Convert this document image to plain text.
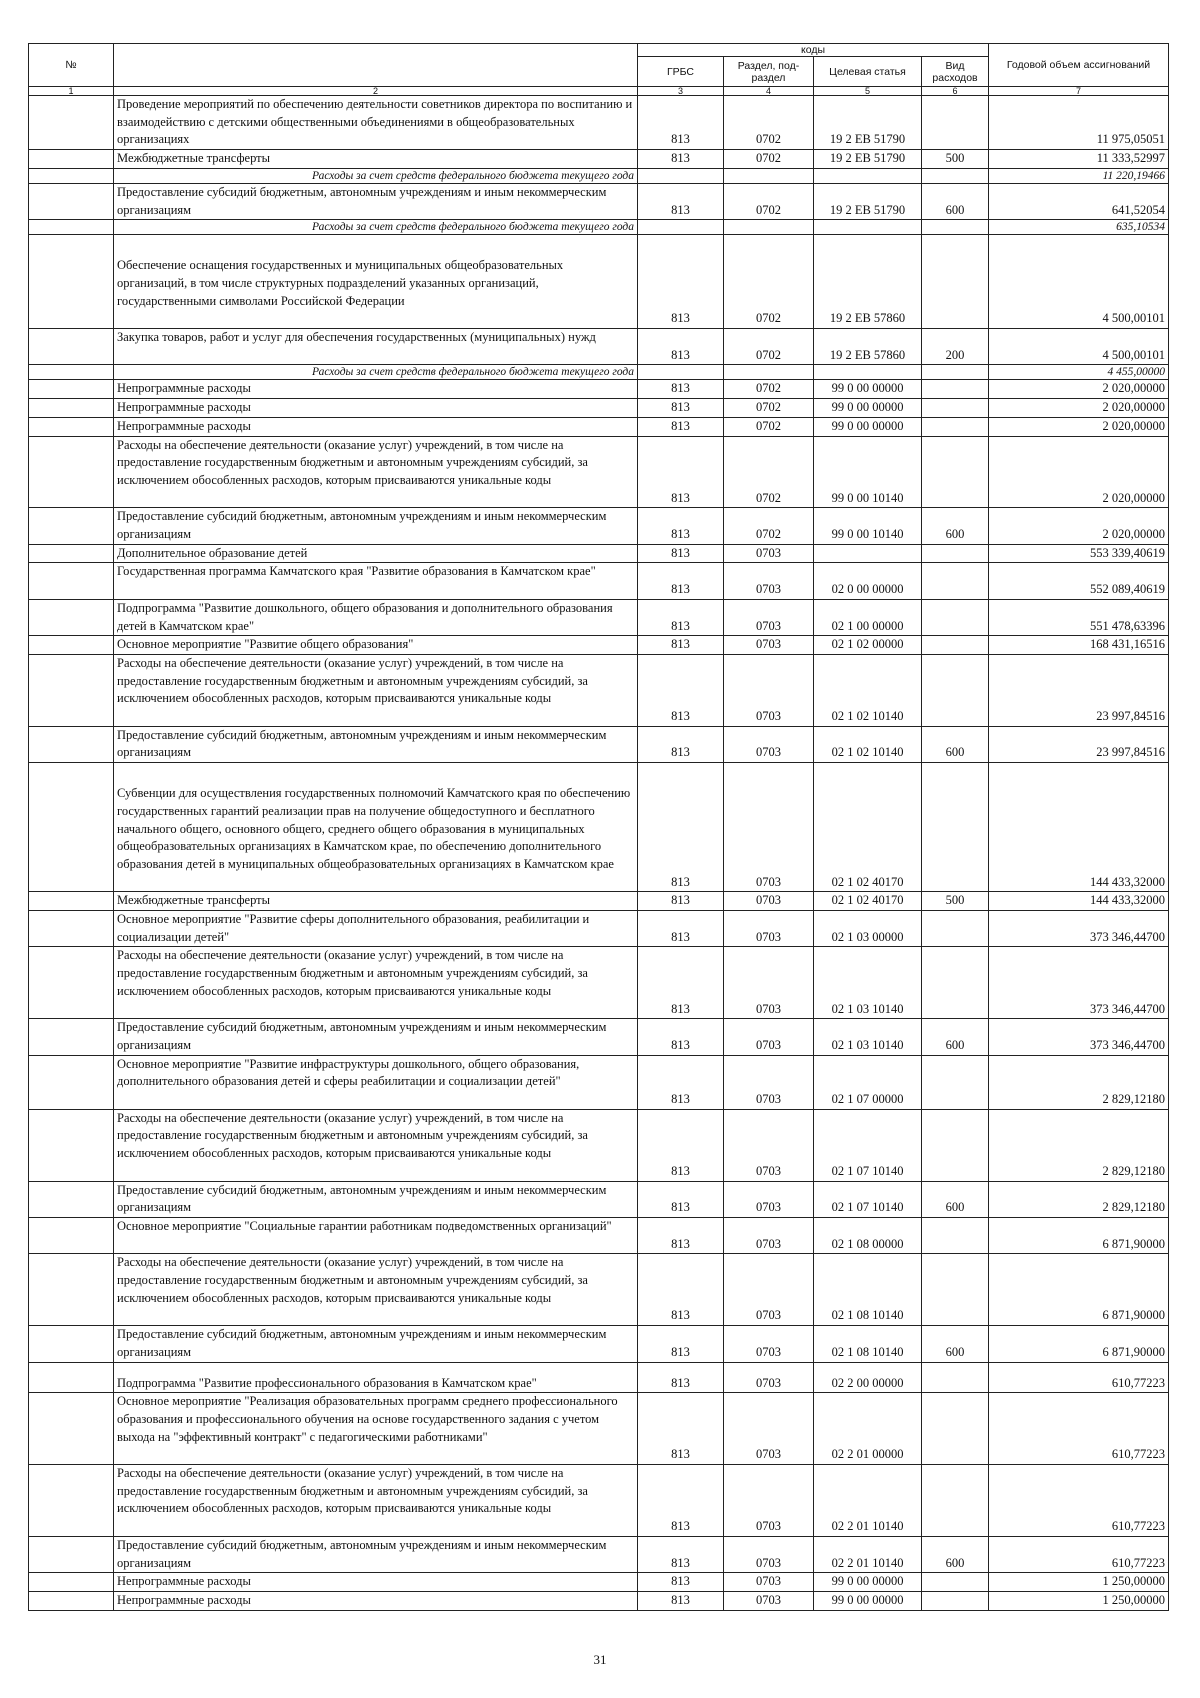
№		коды				Годовой объем ассигнований
		ГРБС	Раздел, под-раздел	Целевая статья	Вид расходов	
1	2	3	4	5	6	7
	Проведение мероприятий по обеспечению деятельности советников директора по воспитанию и взаимодействию с детскими общественными объединениями в общеобразовательных организациях	813	0702	19 2 EB 51790		11 975,05051
	Межбюджетные трансферты	813	0702	19 2 EB 51790	500	11 333,52997
	Расходы за счет средств федерального бюджета текущего года					11 220,19466
	Предоставление субсидий бюджетным, автономным учреждениям и иным некоммерческим организациям	813	0702	19 2 EB 51790	600	641,52054
	Расходы за счет средств федерального бюджета текущего года					635,10534
	Обеспечение оснащения государственных и муниципальных общеобразовательных организаций, в том числе структурных подразделений указанных организаций, государственными символами Российской Федерации	813	0702	19 2 EB 57860		4 500,00101
	Закупка товаров, работ и услуг для обеспечения государственных (муниципальных) нужд	813	0702	19 2 EB 57860	200	4 500,00101
	Расходы за счет средств федерального бюджета текущего года					4 455,00000
	Непрограммные расходы	813	0702	99 0 00 00000		2 020,00000
	Непрограммные расходы	813	0702	99 0 00 00000		2 020,00000
	Непрограммные расходы	813	0702	99 0 00 00000		2 020,00000
	Расходы на обеспечение деятельности (оказание услуг) учреждений, в том числе на предоставление государственным бюджетным и автономным учреждениям субсидий, за исключением обособленных расходов, которым присваиваются уникальные коды	813	0702	99 0 00 10140		2 020,00000
	Предоставление субсидий бюджетным, автономным учреждениям и иным некоммерческим организациям	813	0702	99 0 00 10140	600	2 020,00000
	Дополнительное образование детей	813	0703			553 339,40619
	Государственная программа Камчатского края "Развитие образования в Камчатском крае"	813	0703	02 0 00 00000		552 089,40619
	Подпрограмма "Развитие дошкольного, общего образования и дополнительного образования детей в Камчатском крае"	813	0703	02 1 00 00000		551 478,63396
	Основное мероприятие "Развитие общего образования"	813	0703	02 1 02 00000		168 431,16516
	Расходы на обеспечение деятельности (оказание услуг) учреждений, в том числе на предоставление государственным бюджетным и автономным учреждениям субсидий, за исключением обособленных расходов, которым присваиваются уникальные коды	813	0703	02 1 02 10140		23 997,84516
	Предоставление субсидий бюджетным, автономным учреждениям и иным некоммерческим организациям	813	0703	02 1 02 10140	600	23 997,84516
	Субвенции для осуществления государственных полномочий Камчатского края по обеспечению государственных гарантий реализации прав на получение общедоступного и бесплатного начального общего, основного общего, среднего общего образования в муниципальных общеобразовательных организациях в Камчатском крае, по обеспечению дополнительного образования детей в муниципальных общеобразовательных организациях в Камчатском крае	813	0703	02 1 02 40170		144 433,32000
	Межбюджетные трансферты	813	0703	02 1 02 40170	500	144 433,32000
	Основное мероприятие "Развитие сферы дополнительного образования, реабилитации и социализации детей"	813	0703	02 1 03 00000		373 346,44700
	Расходы на обеспечение деятельности (оказание услуг) учреждений, в том числе на предоставление государственным бюджетным и автономным учреждениям субсидий, за исключением обособленных расходов, которым присваиваются уникальные коды	813	0703	02 1 03 10140		373 346,44700
	Предоставление субсидий бюджетным, автономным учреждениям и иным некоммерческим организациям	813	0703	02 1 03 10140	600	373 346,44700
	Основное мероприятие "Развитие инфраструктуры дошкольного, общего образования, дополнительного образования детей и сферы реабилитации и социализации детей"	813	0703	02 1 07 00000		2 829,12180
	Расходы на обеспечение деятельности (оказание услуг) учреждений, в том числе на предоставление государственным бюджетным и автономным учреждениям субсидий, за исключением обособленных расходов, которым присваиваются уникальные коды	813	0703	02 1 07 10140		2 829,12180
	Предоставление субсидий бюджетным, автономным учреждениям и иным некоммерческим организациям	813	0703	02 1 07 10140	600	2 829,12180
	Основное мероприятие "Социальные гарантии работникам подведомственных организаций"	813	0703	02 1 08 00000		6 871,90000
	Расходы на обеспечение деятельности (оказание услуг) учреждений, в том числе на предоставление государственным бюджетным и автономным учреждениям субсидий, за исключением обособленных расходов, которым присваиваются уникальные коды	813	0703	02 1 08 10140		6 871,90000
	Предоставление субсидий бюджетным, автономным учреждениям и иным некоммерческим организациям	813	0703	02 1 08 10140	600	6 871,90000
	Подпрограмма "Развитие профессионального образования в Камчатском крае"	813	0703	02 2 00 00000		610,77223
	Основное мероприятие "Реализация образовательных программ среднего профессионального образования и профессионального обучения на основе государственного задания с учетом выхода на "эффективный контракт" с педагогическими работниками"	813	0703	02 2 01 00000		610,77223
	Расходы на обеспечение деятельности (оказание услуг) учреждений, в том числе на предоставление государственным бюджетным и автономным учреждениям субсидий, за исключением обособленных расходов, которым присваиваются уникальные коды	813	0703	02 2 01 10140		610,77223
	Предоставление субсидий бюджетным, автономным учреждениям и иным некоммерческим организациям	813	0703	02 2 01 10140	600	610,77223
	Непрограммные расходы	813	0703	99 0 00 00000		1 250,00000
	Непрограммные расходы	813	0703	99 0 00 00000		1 250,00000
31
